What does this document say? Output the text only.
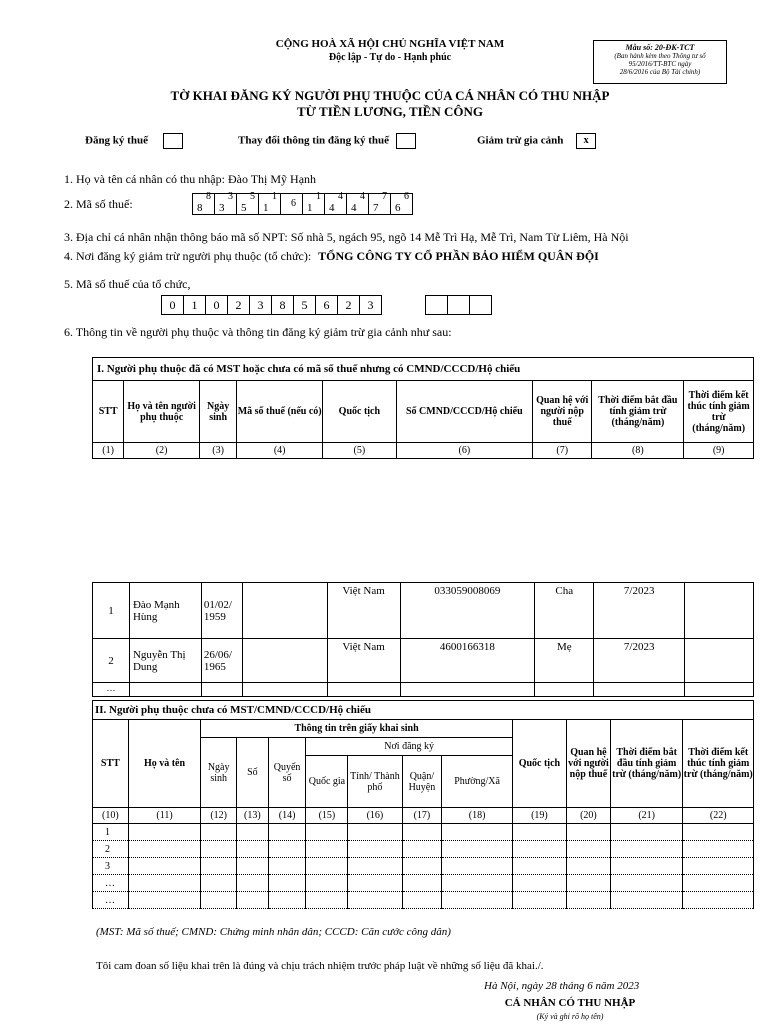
CỘNG HOÀ XÃ HỘI CHỦ NGHĨA VIỆT NAM
Độc lập - Tự do - Hạnh phúc
Mẫu số: 20-ĐK-TCT
(Ban hành kèm theo Thông tư số
95/2016/TT-BTC ngày
28/6/2016 của Bộ Tài chính)
TỜ KHAI ĐĂNG KÝ NGƯỜI PHỤ THUỘC CỦA CÁ NHÂN CÓ THU NHẬP
TỪ TIỀN LƯƠNG, TIỀN CÔNG
Đăng ký thuế	Thay đổi thông tin đăng ký thuế	Giảm trừ gia cảnh x
1. Họ và tên cá nhân có thu nhập: Đào Thị Mỹ Hạnh
2. Mã số thuế:
8
8

3
3

5
5

1
1	6

1
1

4
4

4
4

7
7

6
6
3. Địa chỉ cá nhân nhận thông báo mã số NPT: Số nhà 5, ngách 95, ngõ 14 Mễ Trì Hạ, Mễ Trì, Nam Từ Liêm, Hà Nội
4. Nơi đăng ký giảm trừ người phụ thuộc (tổ chức): TỔNG CÔNG TY CỔ PHẦN BẢO HIỂM QUÂN ĐỘI
5. Mã số thuế của tổ chức,
0	1	0	2	3	8	5	6	2	3

6. Thông tin về người phụ thuộc và thông tin đăng ký giảm trừ gia cảnh như sau:
I. Người phụ thuộc đã có MST hoặc chưa có mã số thuế nhưng có CMND/CCCD/Hộ chiếu								
STT	Họ và tên người phụ thuộc	Ngày sinh	Mã số thuế (nếu có)	Quốc tịch	Số CMND/CCCD/Hộ chiếu	Quan hệ với người nộp thuế	Thời điểm bắt đầu tính giảm trừ (tháng/năm)	Thời điểm kết thúc tính giảm trừ (tháng/năm)
(1)	(2)	(3)	(4)	(5)	(6)	(7)	(8)	(9)
1	Đào Mạnh Hùng	01/02/ 1959		Việt Nam	033059008069	Cha	7/2023	
2	Nguyễn Thị Dung	26/06/ 1965		Việt Nam	4600166318	Mẹ	7/2023	
…								
II. Người phụ thuộc chưa có MST/CMND/CCCD/Hộ chiếu												
STT	Họ và tên	Thông tin trên giấy khai sinh							Quốc tịch	Quan hệ với người nộp thuế	Thời điểm bắt đầu tính giảm trừ (tháng/năm)	Thời điểm kết thúc tính giảm trừ (tháng/năm)
		Ngày sinh	Số	Quyển số	Nơi đăng ký							
					Quốc gia	Tỉnh/ Thành phố	Quận/ Huyện	Phường/Xã				
(10)	(11)	(12)	(13)	(14)	(15)	(16)	(17)	(18)	(19)	(20)	(21)	(22)
1												
2												
3												
…												
…												
(MST: Mã số thuế; CMND: Chứng minh nhân dân; CCCD: Căn cước công dân)
Tôi cam đoan số liệu khai trên là đúng và chịu trách nhiệm trước pháp luật về những số liệu đã khai./.
Hà Nội, ngày 28 tháng 6 năm 2023
CÁ NHÂN CÓ THU NHẬP
(Ký và ghi rõ họ tên)
